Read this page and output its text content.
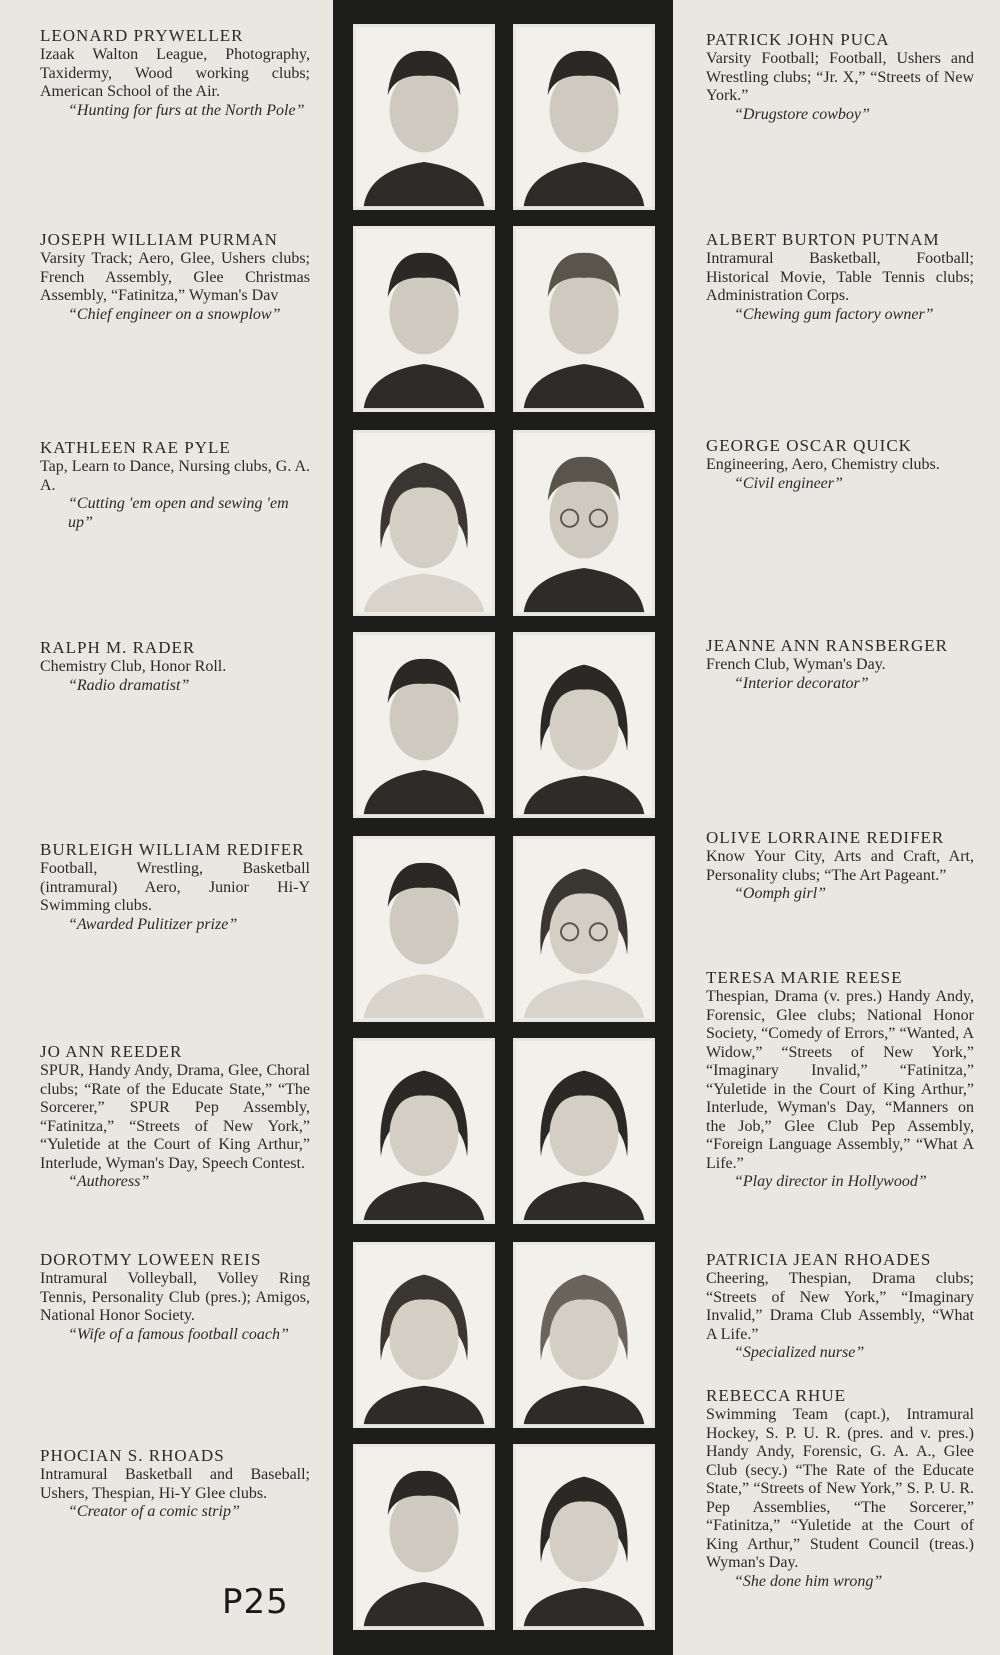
LEONARD PRYWELLER
Izaak Walton League, Photography, Taxidermy, Wood working clubs; American School of the Air.
“ Hunting for furs at the North Pole ”
JOSEPH WILLIAM PURMAN
Varsity Track; Aero, Glee, Ushers clubs; French Assembly, Glee Christmas Assembly, “Fatinitza,” Wyman's Dav
“ Chief engineer on a snowplow ”
KATHLEEN RAE PYLE
Tap, Learn to Dance, Nursing clubs, G. A. A.
“ Cutting 'em open and sewing 'em up ”
RALPH M. RADER
Chemistry Club, Honor Roll.
“ Radio dramatist ”
BURLEIGH WILLIAM REDIFER
Football, Wrestling, Basketball (intramural) Aero, Junior Hi-Y Swimming clubs.
“ Awarded Pulitizer prize ”
JO ANN REEDER
SPUR, Handy Andy, Drama, Glee, Choral clubs; “Rate of the Educate State,” “The Sorcerer,” SPUR Pep Assembly, “Fatinitza,” “Streets of New York,” “Yuletide at the Court of King Arthur,” Interlude, Wyman's Day, Speech Contest.
“ Authoress ”
DOROTMY LOWEEN REIS
Intramural Volleyball, Volley Ring Tennis, Personality Club (pres.); Amigos, National Honor Society.
“ Wife of a famous football coach ”
PHOCIAN S. RHOADS
Intramural Basketball and Baseball; Ushers, Thespian, Hi-Y Glee clubs.
“ Creator of a comic strip ”
PATRICK JOHN PUCA
Varsity Football; Football, Ushers and Wrestling clubs; “Jr. X,” “Streets of New York.”
“ Drugstore cowboy ”
ALBERT BURTON PUTNAM
Intramural Basketball, Football; Historical Movie, Table Tennis clubs; Administration Corps.
“ Chewing gum factory owner ”
GEORGE OSCAR QUICK
Engineering, Aero, Chemistry clubs.
“ Civil engineer ”
JEANNE ANN RANSBERGER
French Club, Wyman's Day.
“ Interior decorator ”
OLIVE LORRAINE REDIFER
Know Your City, Arts and Craft, Art, Personality clubs; “The Art Pageant.”
“ Oomph girl ”
TERESA MARIE REESE
Thespian, Drama (v. pres.) Handy Andy, Forensic, Glee clubs; National Honor Society, “Comedy of Errors,” “Wanted, A Widow,” “Streets of New York,” “Imaginary Invalid,” “Fatinitza,” “Yuletide in the Court of King Arthur,” Interlude, Wyman's Day, “Manners on the Job,” Glee Club Pep Assembly, “Foreign Language Assembly,” “What A Life.”
“ Play director in Hollywood ”
PATRICIA JEAN RHOADES
Cheering, Thespian, Drama clubs; “Streets of New York,” “Imaginary Invalid,” Drama Club Assembly, “What A Life.”
“ Specialized nurse ”
REBECCA RHUE
Swimming Team (capt.), Intramural Hockey, S. P. U. R. (pres. and v. pres.) Handy Andy, Forensic, G. A. A., Glee Club (secy.) “The Rate of the Educate State,” “Streets of New York,” S. P. U. R. Pep Assemblies, “The Sorcerer,” “Fatinitza,” “Yuletide at the Court of King Arthur,” Student Council (treas.) Wyman's Day.
“ She done him wrong ”
P25
